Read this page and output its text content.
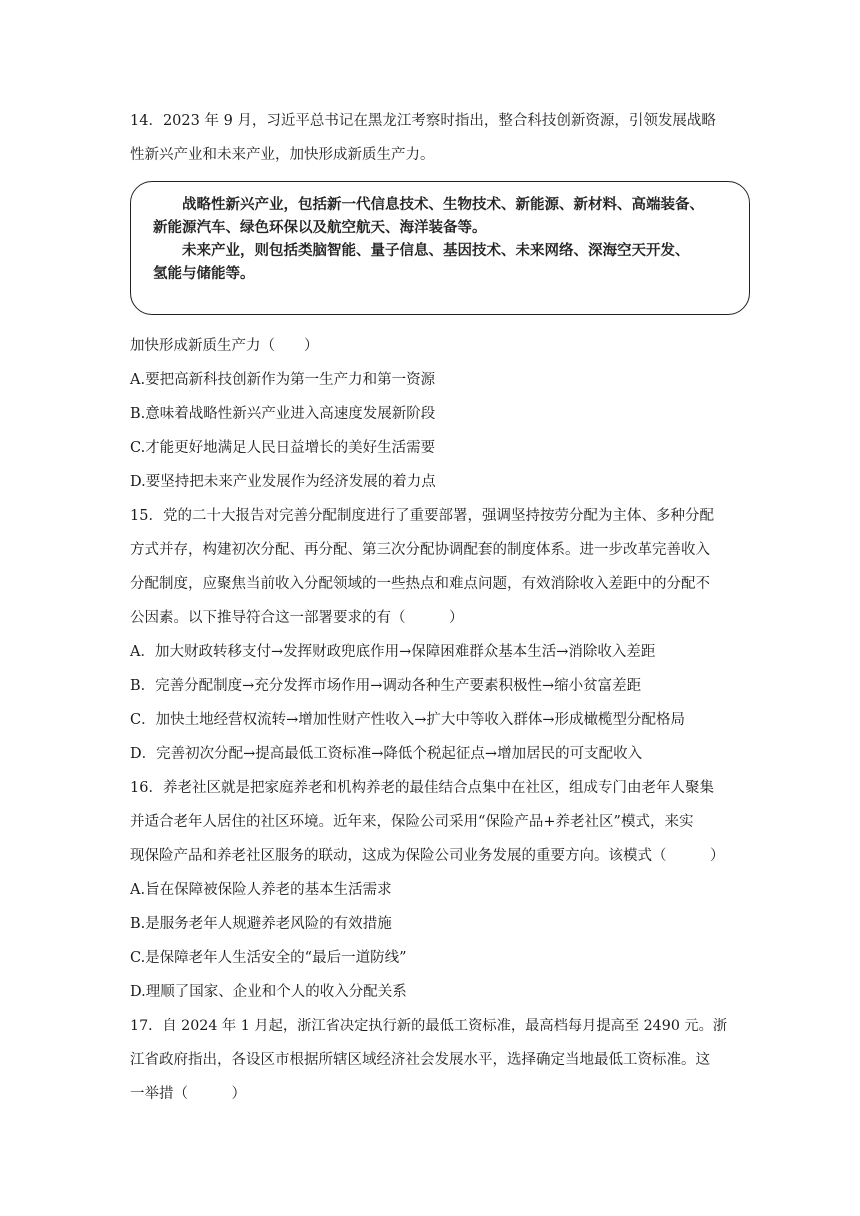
14．2023 年 9 月，习近平总书记在黑龙江考察时指出，整合科技创新资源，引领发展战略
性新兴产业和未来产业，加快形成新质生产力。
　　战略性新兴产业，包括新一代信息技术、生物技术、新能源、新材料、高端装备、
新能源汽车、绿色环保以及航空航天、海洋装备等。
　　未来产业，则包括类脑智能、量子信息、基因技术、未来网络、深海空天开发、
氢能与储能等。
加快形成新质生产力（　　）
A.要把高新科技创新作为第一生产力和第一资源
B.意味着战略性新兴产业进入高速度发展新阶段
C.才能更好地满足人民日益增长的美好生活需要
D.要坚持把未来产业发展作为经济发展的着力点
15．党的二十大报告对完善分配制度进行了重要部署，强调坚持按劳分配为主体、多种分配
方式并存，构建初次分配、再分配、第三次分配协调配套的制度体系。进一步改革完善收入
分配制度，应聚焦当前收入分配领域的一些热点和难点问题，有效消除收入差距中的分配不
公因素。以下推导符合这一部署要求的有（　　　）
A．加大财政转移支付→发挥财政兜底作用→保障困难群众基本生活→消除收入差距
B．完善分配制度→充分发挥市场作用→调动各种生产要素积极性→缩小贫富差距
C．加快土地经营权流转→增加性财产性收入→扩大中等收入群体→形成橄榄型分配格局
D．完善初次分配→提高最低工资标准→降低个税起征点→增加居民的可支配收入
16．养老社区就是把家庭养老和机构养老的最佳结合点集中在社区，组成专门由老年人聚集
并适合老年人居住的社区环境。近年来，保险公司采用“保险产品+养老社区”模式，来实
现保险产品和养老社区服务的联动，这成为保险公司业务发展的重要方向。该模式（　　　）
A.旨在保障被保险人养老的基本生活需求
B.是服务老年人规避养老风险的有效措施
C.是保障老年人生活安全的“最后一道防线”
D.理顺了国家、企业和个人的收入分配关系
17．自 2024 年 1 月起，浙江省决定执行新的最低工资标准，最高档每月提高至 2490 元。浙
江省政府指出，各设区市根据所辖区域经济社会发展水平，选择确定当地最低工资标准。这
一举措（　　　）
